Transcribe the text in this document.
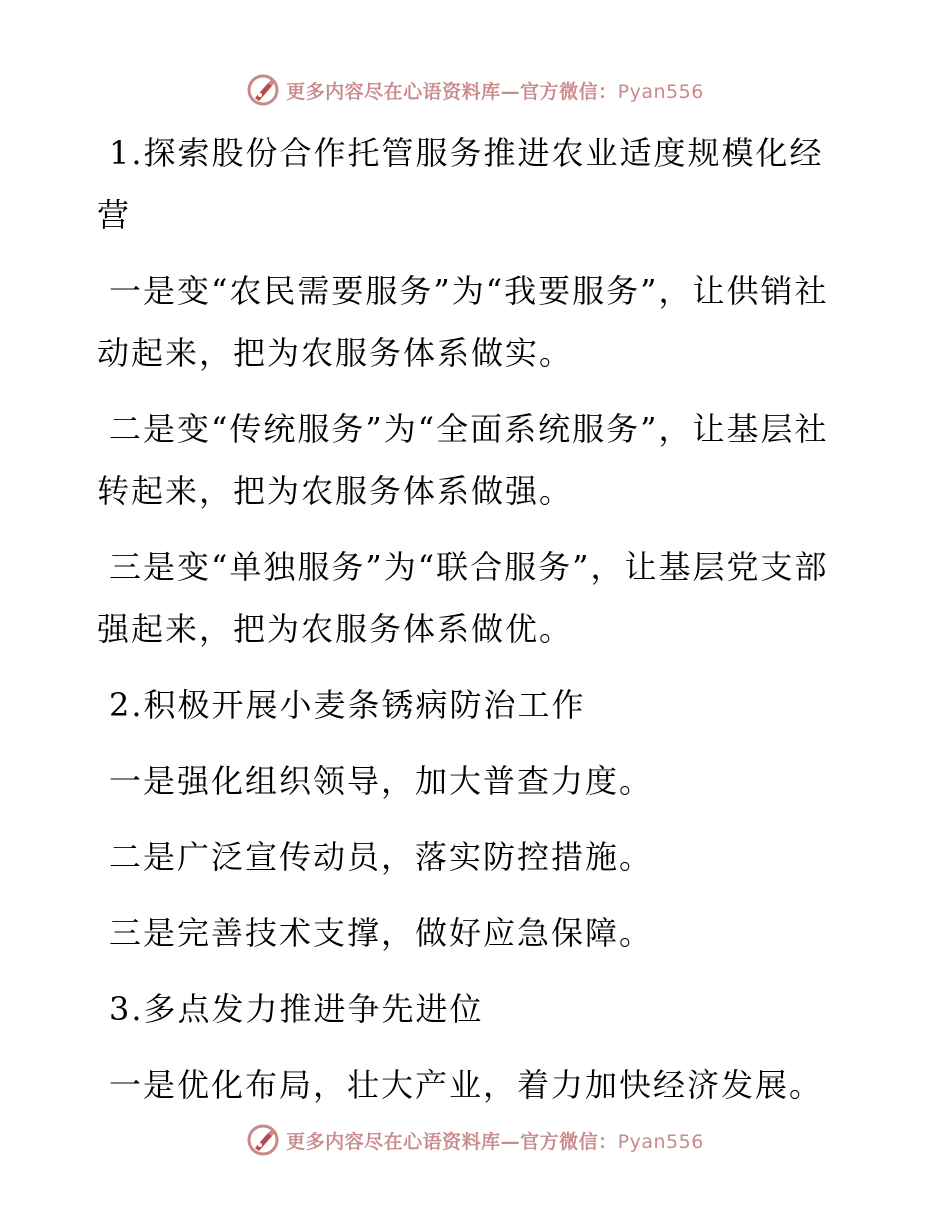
更多内容尽在心语资料库—官方微信：Pyan556

1.探索股份合作托管服务推进农业适度规模化经营

一是变“农民需要服务”为“我要服务”，让供销社动起来，把为农服务体系做实。

二是变“传统服务”为“全面系统服务”，让基层社转起来，把为农服务体系做强。

三是变“单独服务”为“联合服务”，让基层党支部强起来，把为农服务体系做优。

2.积极开展小麦条锈病防治工作

一是强化组织领导，加大普查力度。

二是广泛宣传动员，落实防控措施。

三是完善技术支撑，做好应急保障。

3.多点发力推进争先进位

一是优化布局，壮大产业，着力加快经济发展。

更多内容尽在心语资料库—官方微信：Pyan556
